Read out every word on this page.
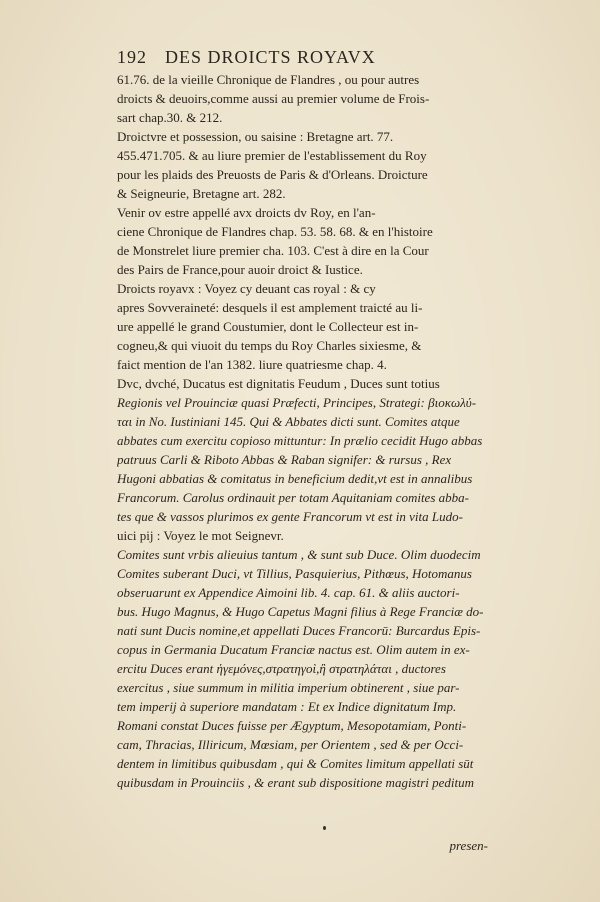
192 DES DROICTS ROYAVX
61.76. de la vieille Chronique de Flandres , ou pour autres
droicts & deuoirs,comme aussi au premier volume de Frois-
sart chap.30. & 212.
Droictvre et possession, ou saisine : Bretagne art. 77.
455.471.705. & au liure premier de l'establissement du Roy
pour les plaids des Preuosts de Paris & d'Orleans. Droicture
& Seigneurie, Bretagne art. 282.
Venir ov estre appellé avx droicts dv Roy, en l'an-
ciene Chronique de Flandres chap. 53. 58. 68. & en l'histoire
de Monstrelet liure premier cha. 103. C'est à dire en la Cour
des Pairs de France,pour auoir droict & Iustice.
Droicts royavx : Voyez cy deuant cas royal : & cy
apres Sovveraineté: desquels il est amplement traicté au li-
ure appellé le grand Coustumier, dont le Collecteur est in-
cogneu,& qui viuoit du temps du Roy Charles sixiesme, &
faict mention de l'an 1382. liure quatriesme chap. 4.
Dvc, dvché, Ducatus est dignitatis Feudum , Duces sunt totius
Regionis vel Prouinciæ quasi Præfecti, Principes, Strategi: βιοκωλύ-
ται in No. Iustiniani 145. Qui & Abbates dicti sunt. Comites atque
abbates cum exercitu copioso mittuntur: In prælio cecidit Hugo abbas
patruus Carli & Riboto Abbas & Raban signifer: & rursus , Rex
Hugoni abbatias & comitatus in beneficium dedit,vt est in annalibus
Francorum. Carolus ordinauit per totam Aquitaniam comites abba-
tes que & vassos plurimos ex gente Francorum vt est in vita Ludo-
uici pij : Voyez le mot Seignevr.
Comites sunt vrbis alieuius tantum , & sunt sub Duce. Olim duodecim
Comites suberant Duci, vt Tillius, Pasquierius, Pithœus, Hotomanus
obseruarunt ex Appendice Aimoini lib. 4. cap. 61. & aliis auctori-
bus. Hugo Magnus, & Hugo Capetus Magni filius à Rege Franciæ do-
nati sunt Ducis nomine,et appellati Duces Francorū: Burcardus Epis-
copus in Germania Ducatum Franciæ nactus est. Olim autem in ex-
ercitu Duces erant ἡγεμόνες,στρατηγοὶ,ἢ στρατηλάται , ductores
exercitus , siue summum in militia imperium obtinerent , siue par-
tem imperij à superiore mandatam : Et ex Indice dignitatum Imp.
Romani constat Duces fuisse per Ægyptum, Mesopotamiam, Ponti-
cam, Thracias, Illiricum, Mœsiam, per Orientem , sed & per Occi-
dentem in limitibus quibusdam , qui & Comites limitum appellati sūt
quibusdam in Prouinciis , & erant sub dispositione magistri peditum
presen-
